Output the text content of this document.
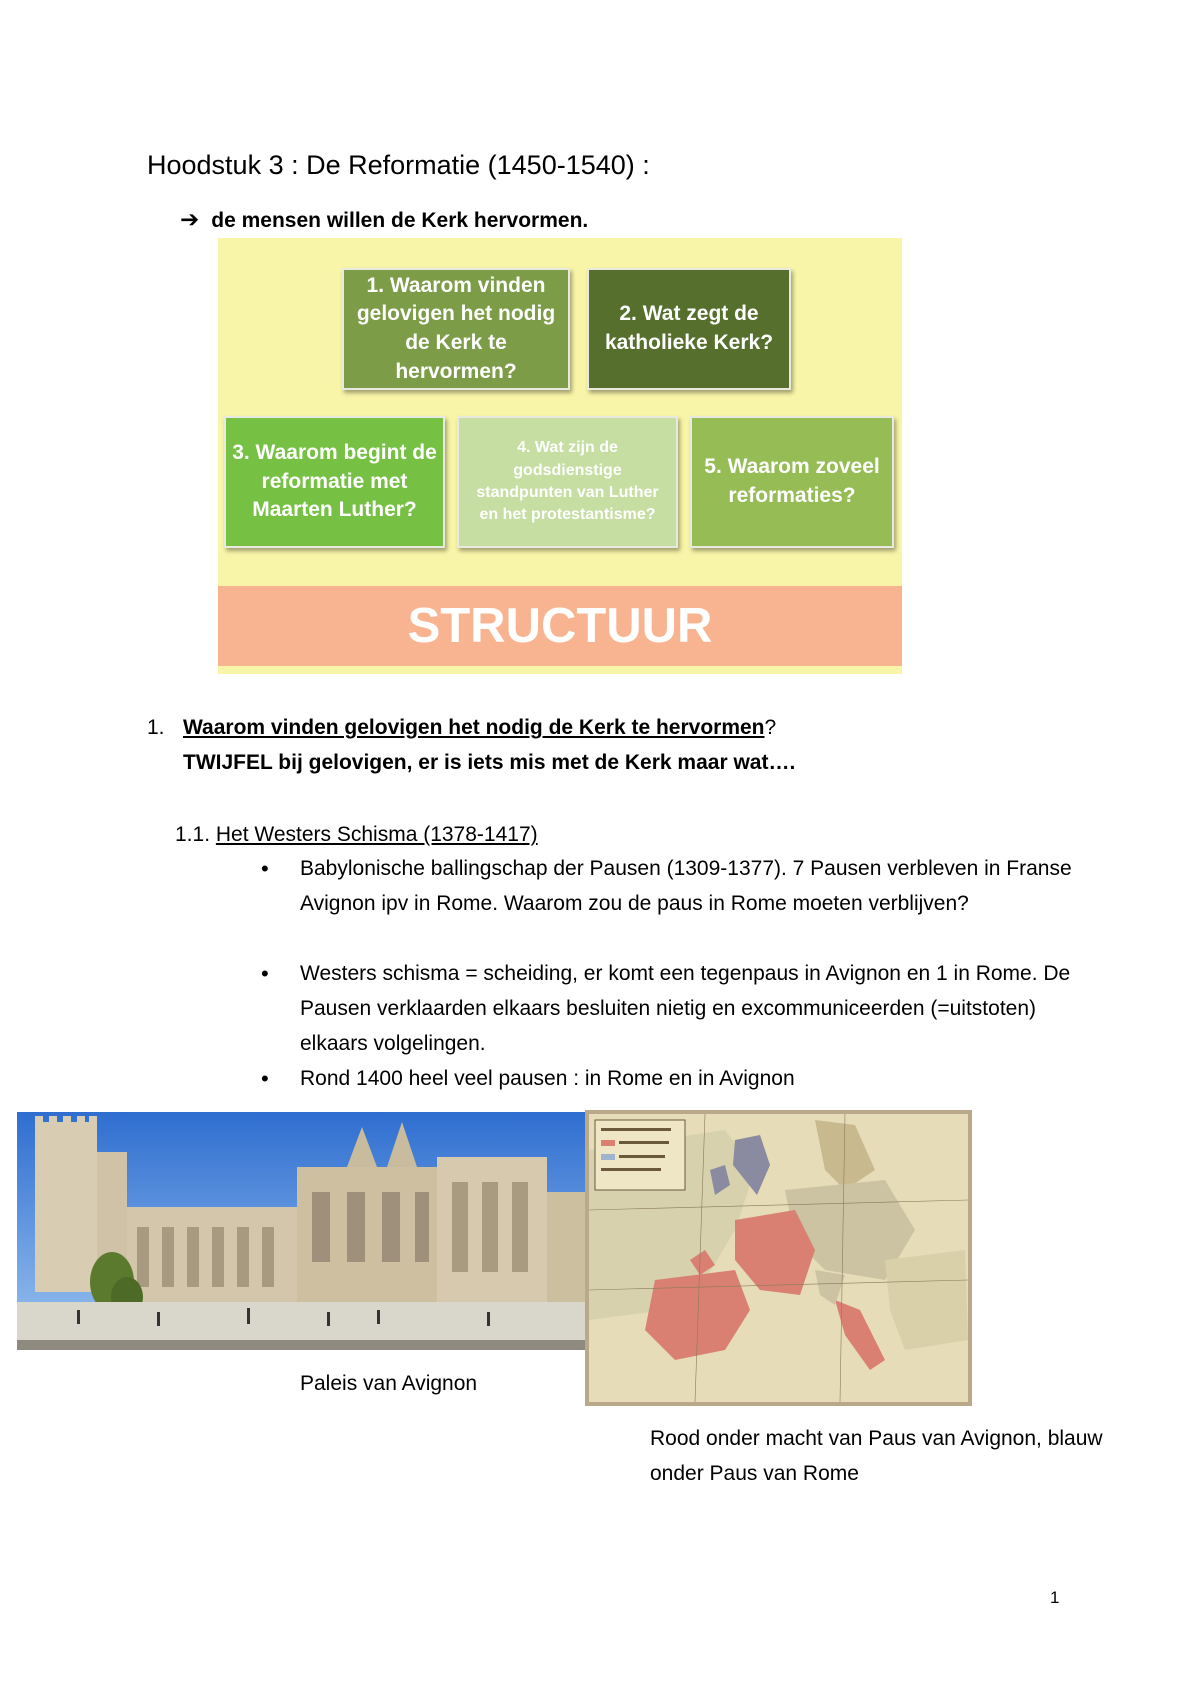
Hoodstuk 3 : De Reformatie (1450-1540) :
➔ de mensen willen de Kerk hervormen.
1. Waarom vinden gelovigen het nodig de Kerk te hervormen?
2. Wat zegt de katholieke Kerk?
3. Waarom begint de reformatie met Maarten Luther?
4. Wat zijn de godsdienstige standpunten van Luther en het protestantisme?
5. Waarom zoveel reformaties?
STRUCTUUR
1. Waarom vinden gelovigen het nodig de Kerk te hervormen?
TWIJFEL bij gelovigen, er is iets mis met de Kerk maar wat….
1.1. Het Westers Schisma (1378-1417)
• Babylonische ballingschap der Pausen (1309-1377). 7 Pausen verbleven in Franse Avignon ipv in Rome. Waarom zou de paus in Rome moeten verblijven?
• Westers schisma = scheiding, er komt een tegenpaus in Avignon en 1 in Rome. De Pausen verklaarden elkaars besluiten nietig en excommuniceerden (=uitstoten) elkaars volgelingen.
• Rond 1400 heel veel pausen : in Rome en in Avignon
Paleis van Avignon
Rood onder macht van Paus van Avignon, blauw onder Paus van Rome
1
